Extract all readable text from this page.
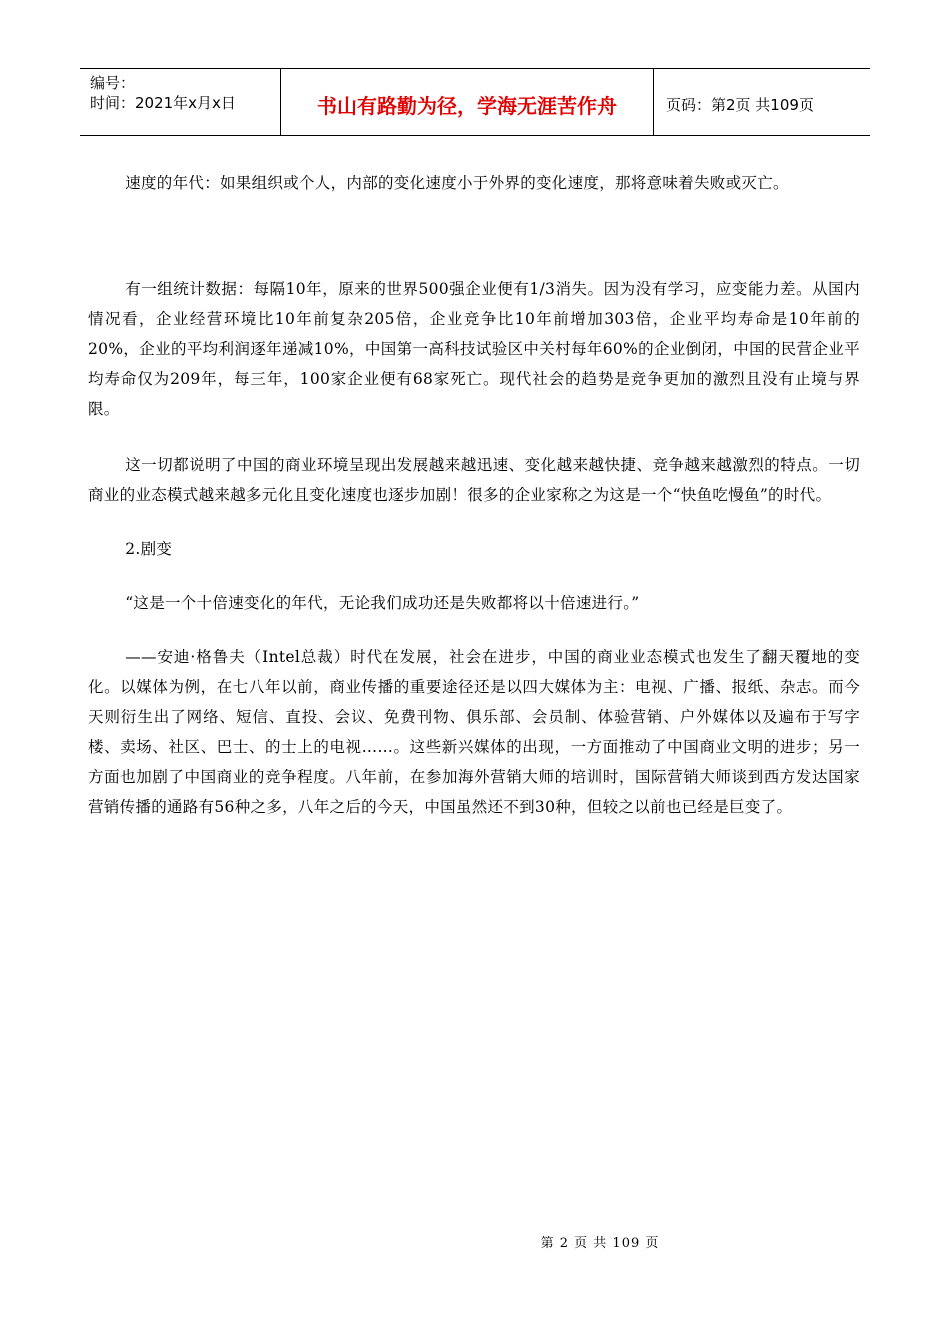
编号：
时间：2021年x月x日	书山有路勤为径，学海无涯苦作舟	页码：第2页 共109页

速度的年代：如果组织或个人，内部的变化速度小于外界的变化速度，那将意味着失败或灭亡。

有一组统计数据：每隔10年，原来的世界500强企业便有1/3消失。因为没有学习，应变能力差。从国内情况看，企业经营环境比10年前复杂205倍，企业竞争比10年前增加303倍，企业平均寿命是10年前的20%，企业的平均利润逐年递减10%，中国第一高科技试验区中关村每年60%的企业倒闭，中国的民营企业平均寿命仅为209年，每三年，100家企业便有68家死亡。现代社会的趋势是竞争更加的激烈且没有止境与界限。

这一切都说明了中国的商业环境呈现出发展越来越迅速、变化越来越快捷、竞争越来越激烈的特点。一切商业的业态模式越来越多元化且变化速度也逐步加剧！很多的企业家称之为这是一个“快鱼吃慢鱼”的时代。

2.剧变

“这是一个十倍速变化的年代，无论我们成功还是失败都将以十倍速进行。”

——安迪·格鲁夫（Intel总裁）时代在发展，社会在进步，中国的商业业态模式也发生了翻天覆地的变化。以媒体为例，在七八年以前，商业传播的重要途径还是以四大媒体为主：电视、广播、报纸、杂志。而今天则衍生出了网络、短信、直投、会议、免费刊物、俱乐部、会员制、体验营销、户外媒体以及遍布于写字楼、卖场、社区、巴士、的士上的电视……。这些新兴媒体的出现，一方面推动了中国商业文明的进步；另一方面也加剧了中国商业的竞争程度。八年前，在参加海外营销大师的培训时，国际营销大师谈到西方发达国家营销传播的通路有56种之多，八年之后的今天，中国虽然还不到30种，但较之以前也已经是巨变了。

第 2 页 共 109 页
